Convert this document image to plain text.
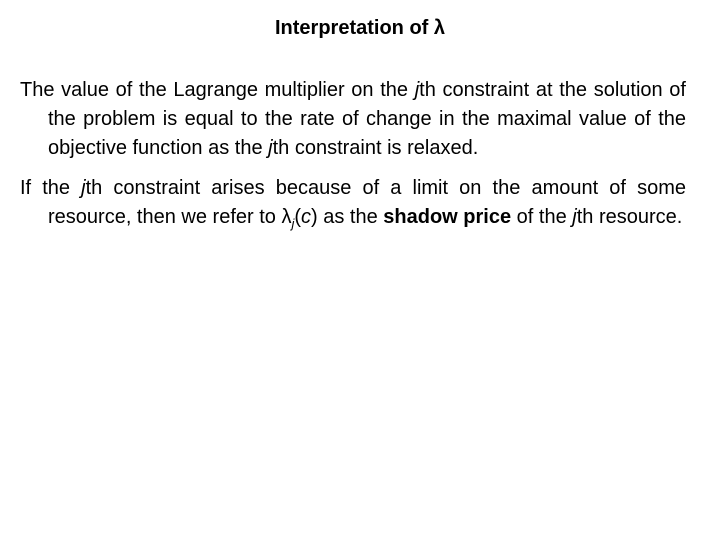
Interpretation of λ

The value of the Lagrange multiplier on the jth constraint at the solution of the problem is equal to the rate of change in the maximal value of the objective function as the jth constraint is relaxed.

If the jth constraint arises because of a limit on the amount of some resource, then we refer to $\lambda_j(c)$ as the shadow price of the jth resource.
